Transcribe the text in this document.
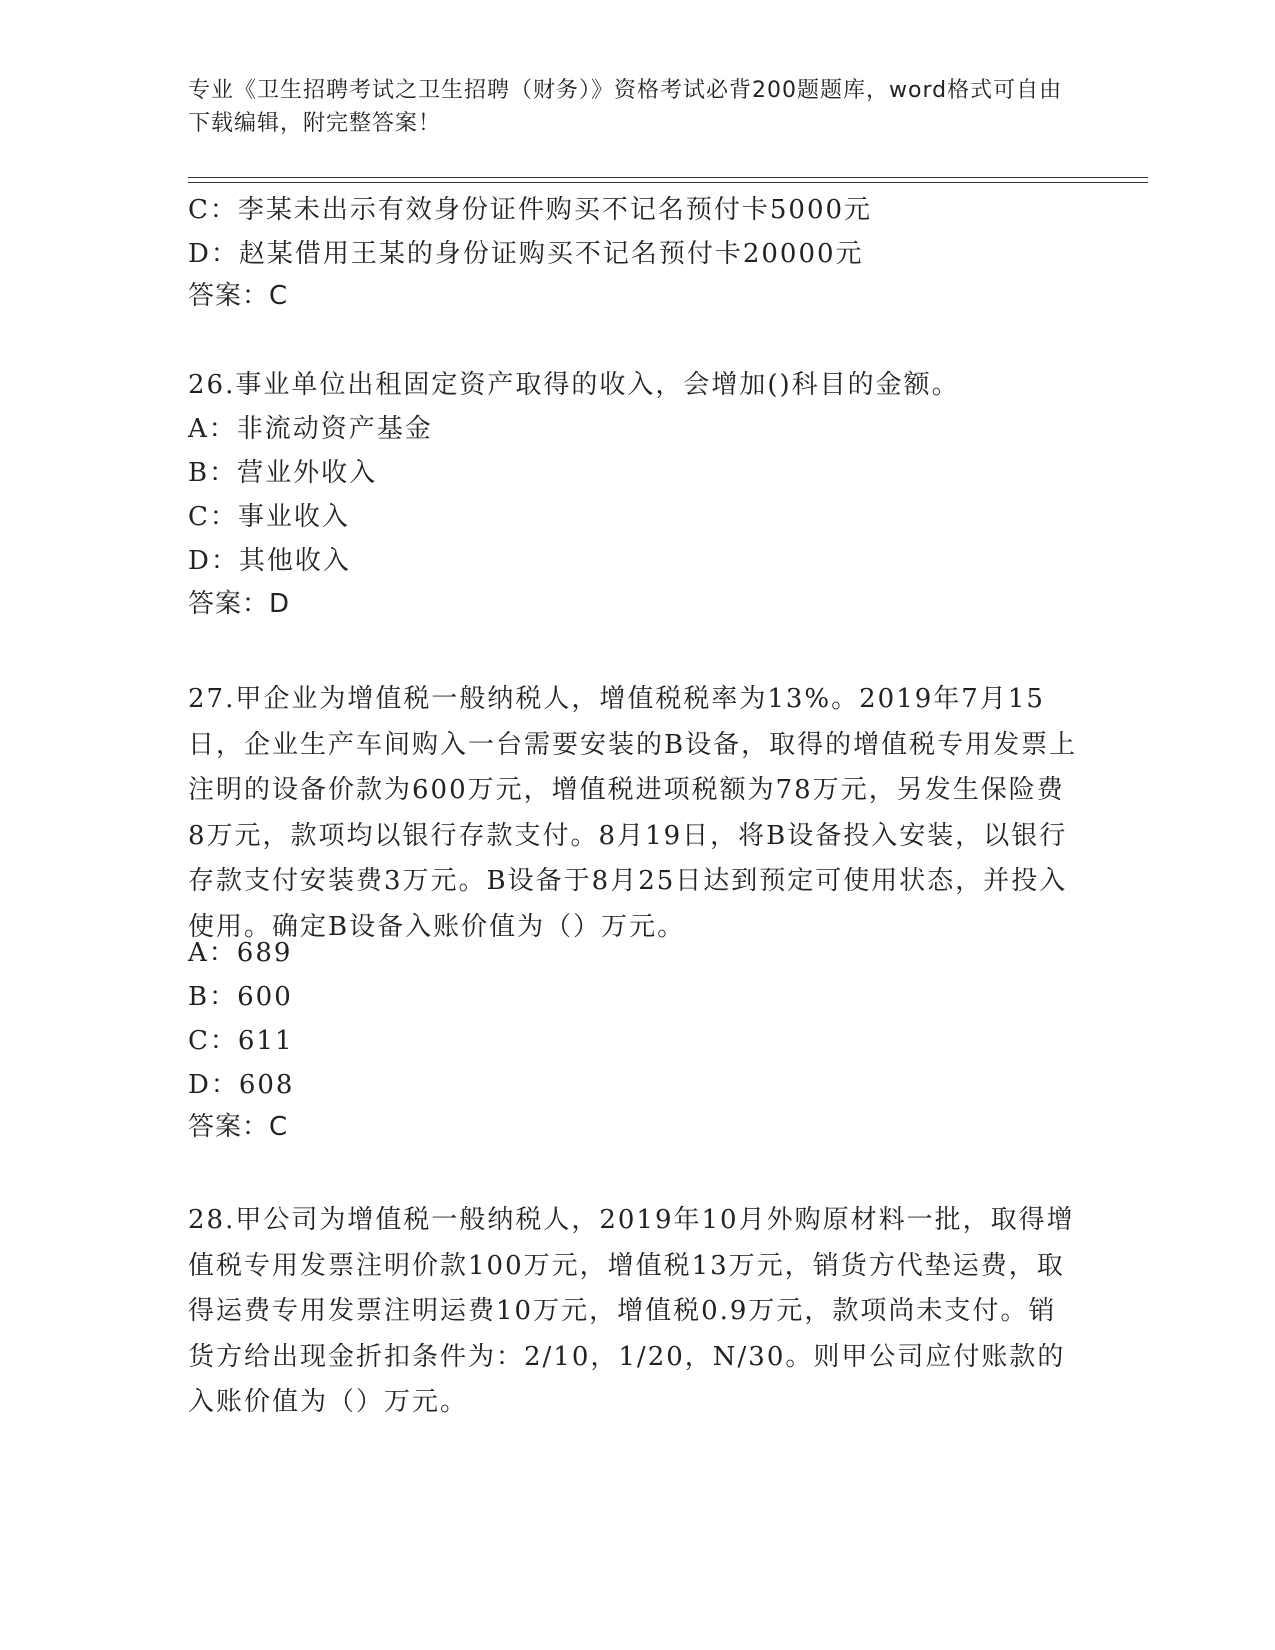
专业《卫生招聘考试之卫生招聘（财务）》资格考试必背200题题库，word格式可自由下载编辑，附完整答案！
C：李某未出示有效身份证件购买不记名预付卡5000元
D：赵某借用王某的身份证购买不记名预付卡20000元
答案：C
26.事业单位出租固定资产取得的收入，会增加()科目的金额。
A：非流动资产基金
B：营业外收入
C：事业收入
D：其他收入
答案：D
27.甲企业为增值税一般纳税人，增值税税率为13%。2019年7月15日，企业生产车间购入一台需要安装的B设备，取得的增值税专用发票上注明的设备价款为600万元，增值税进项税额为78万元，另发生保险费8万元，款项均以银行存款支付。8月19日，将B设备投入安装，以银行存款支付安装费3万元。B设备于8月25日达到预定可使用状态，并投入使用。确定B设备入账价值为（）万元。
A：689
B：600
C：611
D：608
答案：C
28.甲公司为增值税一般纳税人，2019年10月外购原材料一批，取得增值税专用发票注明价款100万元，增值税13万元，销货方代垫运费，取得运费专用发票注明运费10万元，增值税0.9万元，款项尚未支付。销货方给出现金折扣条件为：2/10，1/20，N/30。则甲公司应付账款的入账价值为（）万元。
